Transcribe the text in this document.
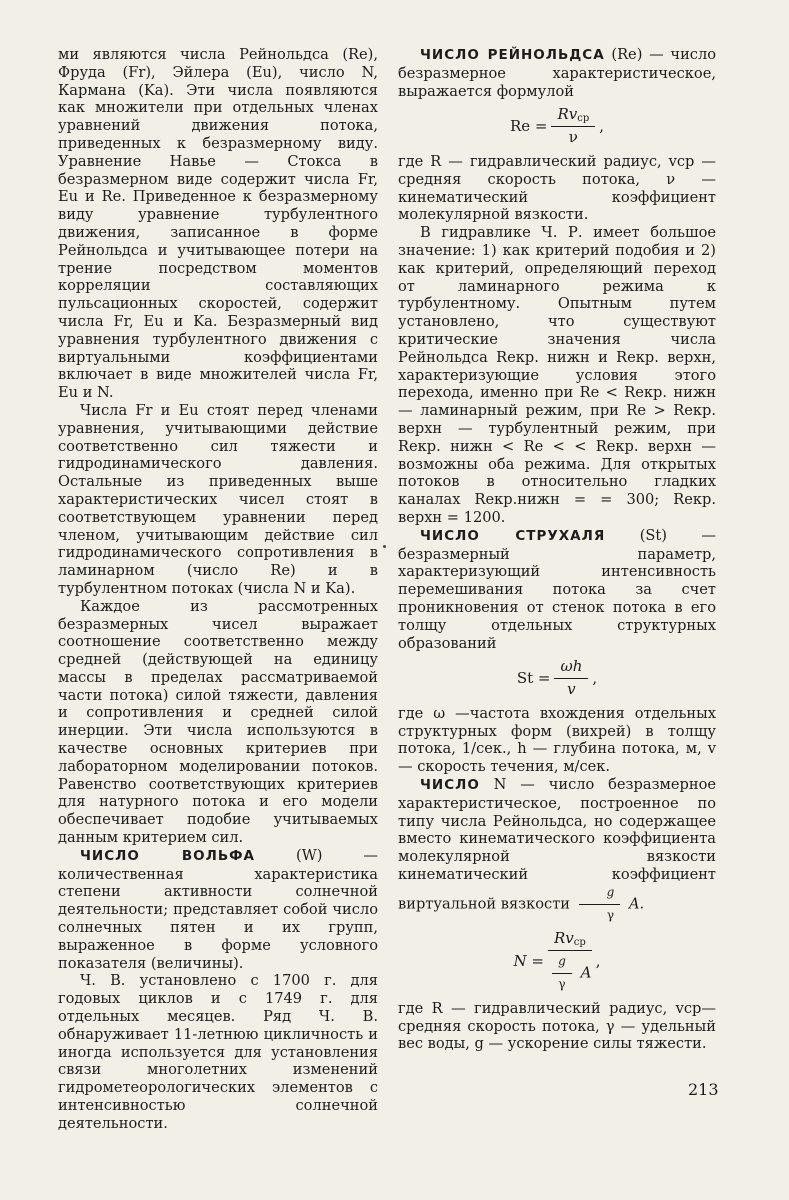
ми являются числа Рейнольдса (Re), Фруда (Fr), Эйлера (Eu), число N, Кармана (Ka). Эти числа появляются как множители при отдельных членах уравнений движения потока, приведенных к безразмерному виду. Уравнение Навье — Стокса в безразмерном виде содержит числа Fr, Eu и Re. Приведенное к безразмерному виду уравнение турбулентного движения, записанное в форме Рейнольдса и учитывающее потери на трение посредством моментов корреляции составляющих пульсационных скоростей, содержит числа Fr, Eu и Ka. Безразмерный вид уравнения турбулентного движения с виртуальными коэффициентами включает в виде множителей числа Fr, Eu и N.

Числа Fr и Eu стоят перед членами уравнения, учитывающими действие соответственно сил тяжести и гидродинамического давления. Остальные из приведенных выше характеристических чисел стоят в соответствующем уравнении перед членом, учитывающим действие сил гидродинамического сопротивления в ламинарном (число Re) и в турбулентном потоках (числа N и Ka).

Каждое из рассмотренных безразмерных чисел выражает соотношение соответственно между средней (действующей на единицу массы в пределах рассматриваемой части потока) силой тяжести, давления и сопротивления и средней силой инерции. Эти числа используются в качестве основных критериев при лабораторном моделировании потоков. Равенство соответствующих критериев для натурного потока и его модели обеспечивает подобие учитываемых данным критерием сил.

ЧИСЛО ВОЛЬФА	(W)	— количественная характеристика степени активности солнечной деятельности; представляет собой число солнечных пятен и их групп, выраженное в форме условного показателя (величины).

Ч. В. установлено с 1700 г. для годовых циклов и с 1749 г. для отдельных месяцев. Ряд Ч. В. обнаруживает 11-летнюю цикличность и иногда используется для установления связи многолетних изменений гидрометеорологических элементов с интенсивностью солнечной деятельности.

ЧИСЛО РЕЙНОЛЬДСА (Re) — число безразмерное характеристическое, выражается формулой

$Re = \frac{Rv_{ср}}{\nu}$ ,

где R — гидравлический радиус, vср — средняя скорость потока, ν — кинематический коэффициент молекулярной вязкости.

В гидравлике Ч. Р. имеет большое значение: 1) как критерий подобия и 2) как критерий, определяющий переход от ламинарного режима к турбулентному. Опытным путем установлено, что существуют критические значения числа Рейнольдса Reкр. нижн и Reкр. верхн, характеризующие условия этого перехода, именно при Re < Reкр. нижн — ламинарный режим, при Re > Reкр. верхн — турбулентный режим, при Reкр. нижн < Re < < Reкр. верхн — возможны оба режима. Для открытых потоков в относительно гладких каналах Reкр.нижн = = 300; Reкр. верхн = 1200.

ЧИСЛО СТРУХАЛЯ (St) — безразмерный параметр, характеризующий интенсивность перемешивания потока за счет проникновения от стенок потока в его толщу отдельных структурных образований

$St = \frac{\omega h}{v}$ ,

где ω —частота вхождения отдельных структурных форм (вихрей) в толщу потока, 1/сек., h — глубина потока, м, v — скорость течения, м/сек.

ЧИСЛО N — число безразмерное характеристическое, построенное по типу числа Рейнольдса, но содержащее вместо кинематического коэффициента молекулярной вязкости кинематический коэффициент виртуальной вязкости $\frac{g}{\gamma} A$.

$N = \frac{Rv_{ср}}{\frac{g}{\gamma} A}$ ,

где R — гидравлический радиус, vср— средняя скорость потока, γ — удельный вес воды, g — ускорение силы тяжести.

213
